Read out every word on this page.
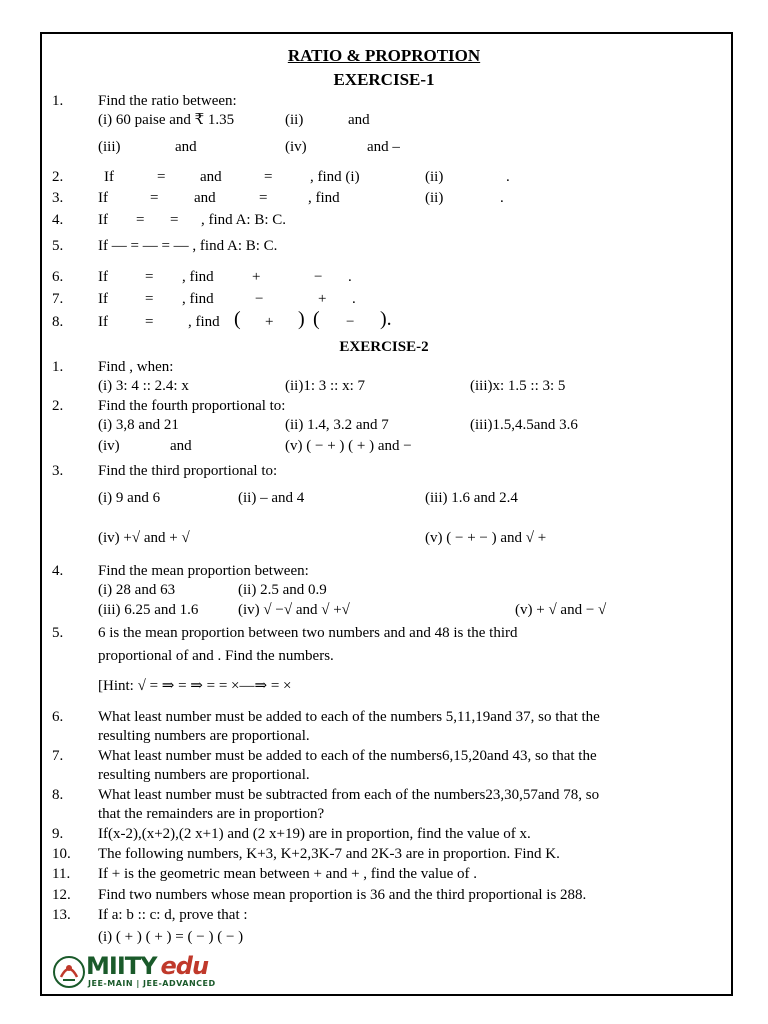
RATIO & PROPROTION
EXERCISE-1
1. Find the ratio between:
(i) 60 paise and ₹ 1.35	(ii)	and
(iii)	and	(iv)	and –
2.	If	= and	=	, find (i)	(ii)	.
3. If	= and	=	, find	(ii)	.
4. If = = , find A: B: C.
5. If — = — = — , find A: B: C.
6. If = , find	+	− .
7. If = , find	−	+ .
8. If = , find ( + ) ( − ).
EXERCISE-2
1. Find , when:
(i) 3: 4 :: 2.4: x	(ii)1: 3 :: x: 7	(iii)x: 1.5 :: 3: 5
2. Find the fourth proportional to:
(i) 3,8 and 21	(ii) 1.4, 3.2 and 7	(iii)1.5,4.5and 3.6
(iv)	and	(v) ( − + ) ( + ) and −
3. Find the third proportional to:
(i) 9 and 6	(ii) – and 4	(iii) 1.6 and 2.4
(iv) +√ and + √	(v) ( − + − ) and √ +
4. Find the mean proportion between:
(i) 28 and 63	(ii) 2.5 and 0.9
(iii) 6.25 and 1.6	(iv) √ −√ and √ +√	(v) + √ and − √
5. 6 is the mean proportion between two numbers and and 48 is the third
proportional of and . Find the numbers.
[Hint: √ = ⇒ = ⇒ = = ×—⇒ = ×
6. What least number must be added to each of the numbers 5,11,19and 37, so that the
resulting numbers are proportional.
7. What least number must be added to each of the numbers6,15,20and 43, so that the
resulting numbers are proportional.
8. What least number must be subtracted from each of the numbers23,30,57and 78, so
that the remainders are in proportion?
9. If(x-2),(x+2),(2 x+1) and (2 x+19) are in proportion, find the value of x.
10. The following numbers, K+3, K+2,3K-7 and 2K-3 are in proportion. Find K.
11. If + is the geometric mean between + and + , find the value of .
12. Find two numbers whose mean proportion is 36 and the third proportional is 288.
13. If a: b :: c: d, prove that :
(i) ( + ) ( + ) = ( − ) ( − )
MIITY edu
JEE-MAIN | JEE-ADVANCED
